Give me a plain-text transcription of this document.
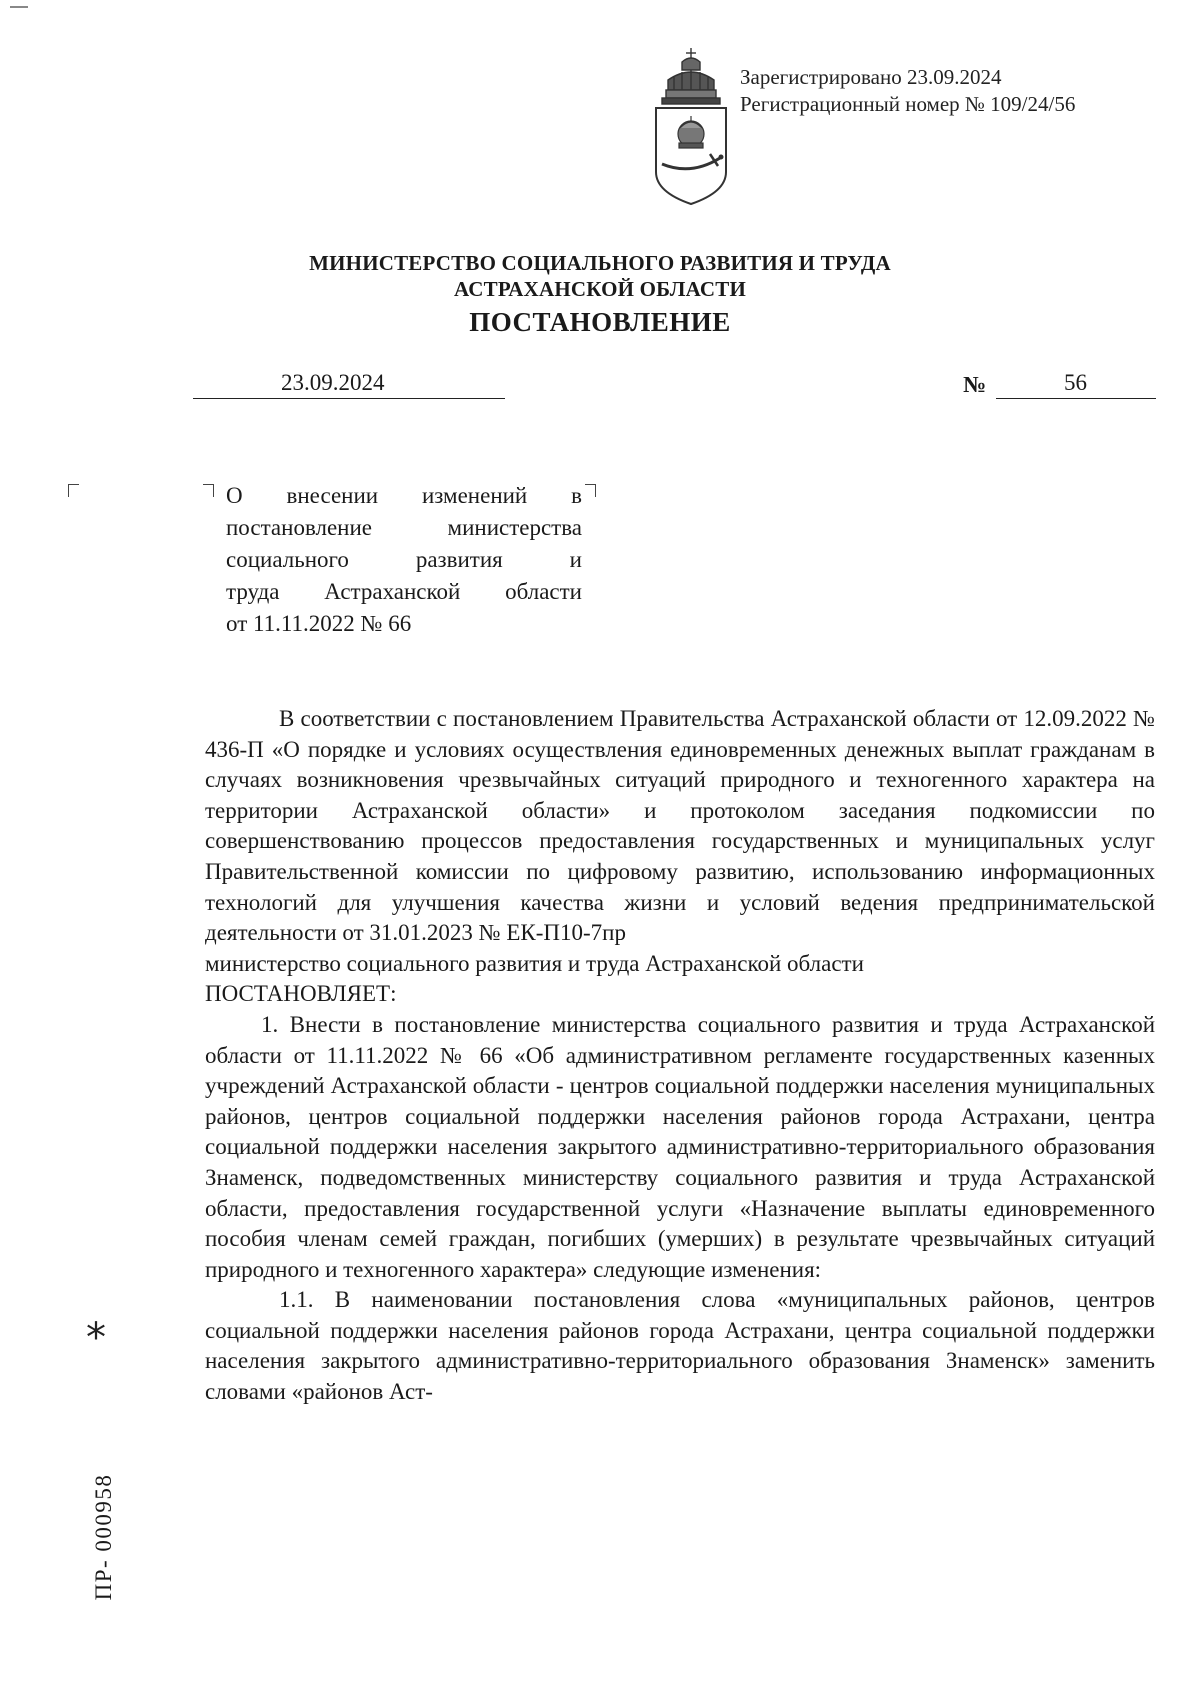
Зарегистрировано 23.09.2024
Регистрационный номер № 109/24/56
МИНИСТЕРСТВО СОЦИАЛЬНОГО РАЗВИТИЯ И ТРУДА
АСТРАХАНСКОЙ ОБЛАСТИ
ПОСТАНОВЛЕНИЕ
23.09.2024	№	56
О внесении изменений в
постановление министерства
социального развития и
труда Астраханской области
от 11.11.2022 № 66

В соответствии с постановлением Правительства Астраханской области от 12.09.2022 № 436-П «О порядке и условиях осуществления единовременных денежных выплат гражданам в случаях возникновения чрезвычайных ситуаций природного и техногенного характера на территории Астраханской области» и протоколом заседания подкомиссии по совершенствованию процессов предоставления государственных и муниципальных услуг Правительственной комиссии по цифровому развитию, использованию информационных технологий для улучшения качества жизни и условий ведения предпринимательской деятельности от 31.01.2023 № ЕК-П10-7пр

министерство социального развития и труда Астраханской области

ПОСТАНОВЛЯЕТ:

1. Внести в постановление министерства социального развития и труда Астраханской области от 11.11.2022 № 66 «Об административном регламенте государственных казенных учреждений Астраханской области - центров социальной поддержки населения муниципальных районов, центров социальной поддержки населения районов города Астрахани, центра социальной поддержки населения закрытого административно-территориального образования Знаменск, подведомственных министерству социального развития и труда Астраханской области, предоставления государственной услуги «Назначение выплаты единовременного пособия членам семей граждан, погибших (умерших) в результате чрезвычайных ситуаций природного и техногенного характера» следующие изменения:

1.1. В наименовании постановления слова «муниципальных районов, центров социальной поддержки населения районов города Астрахани, центра социальной поддержки населения закрытого административно-территориального образования Знаменск» заменить словами «районов Аст-

*
ПР- 000958
